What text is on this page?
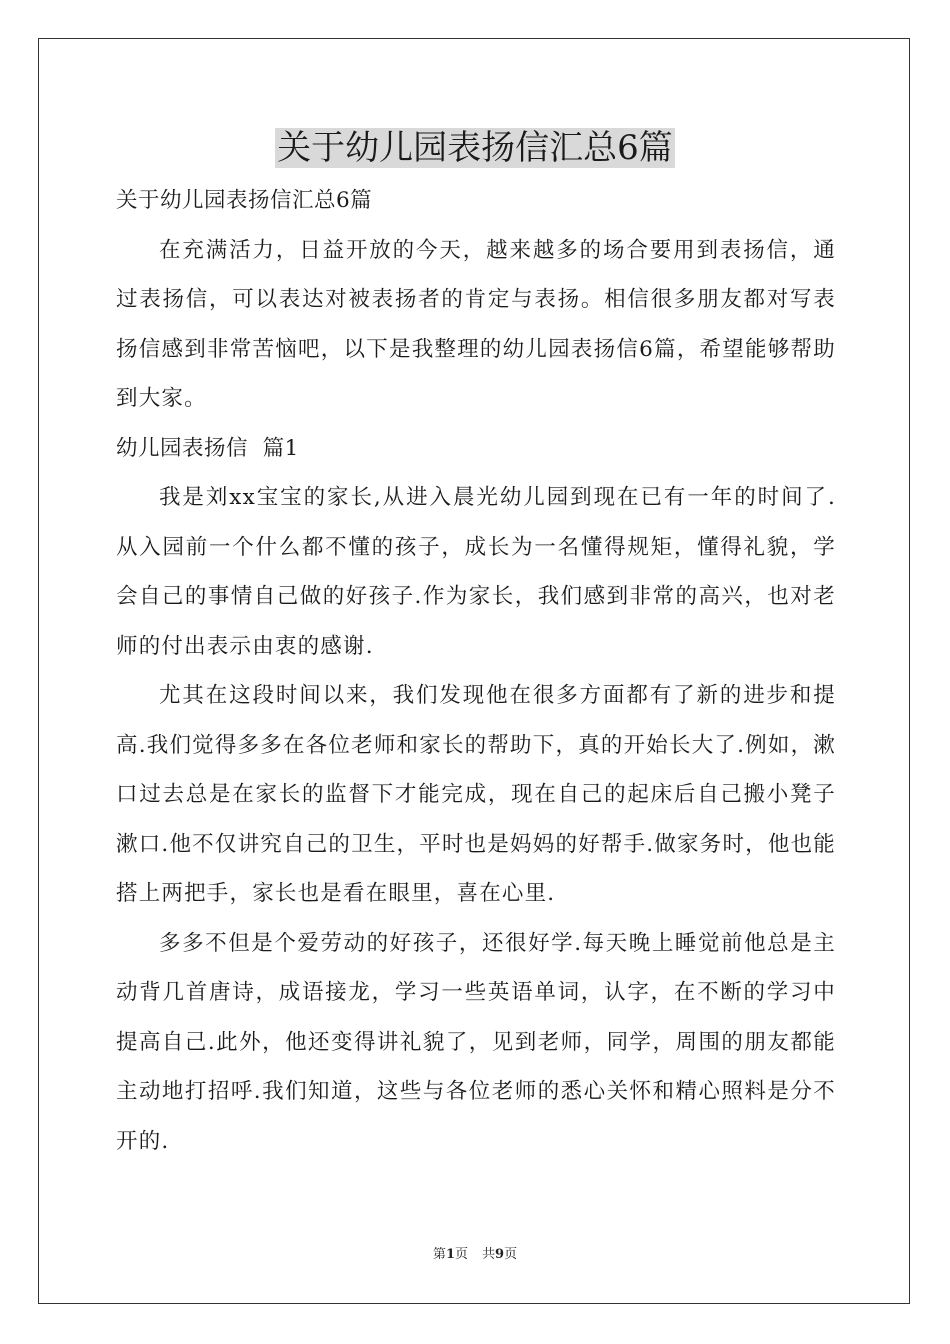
关于幼儿园表扬信汇总6篇

关于幼儿园表扬信汇总6篇

在充满活力，日益开放的今天，越来越多的场合要用到表扬信，通过表扬信，可以表达对被表扬者的肯定与表扬。相信很多朋友都对写表扬信感到非常苦恼吧，以下是我整理的幼儿园表扬信6篇，希望能够帮助到大家。

幼儿园表扬信  篇1

我是刘xx宝宝的家长,从进入晨光幼儿园到现在已有一年的时间了.从入园前一个什么都不懂的孩子，成长为一名懂得规矩，懂得礼貌，学会自己的事情自己做的好孩子.作为家长，我们感到非常的高兴，也对老师的付出表示由衷的感谢.

尤其在这段时间以来，我们发现他在很多方面都有了新的进步和提高.我们觉得多多在各位老师和家长的帮助下，真的开始长大了.例如，漱口过去总是在家长的监督下才能完成，现在自己的起床后自己搬小凳子漱口.他不仅讲究自己的卫生，平时也是妈妈的好帮手.做家务时，他也能搭上两把手，家长也是看在眼里，喜在心里.

多多不但是个爱劳动的好孩子，还很好学.每天晚上睡觉前他总是主动背几首唐诗，成语接龙，学习一些英语单词，认字，在不断的学习中提高自己.此外，他还变得讲礼貌了，见到老师，同学，周围的朋友都能主动地打招呼.我们知道，这些与各位老师的悉心关怀和精心照料是分不开的.

第1页 共9页
